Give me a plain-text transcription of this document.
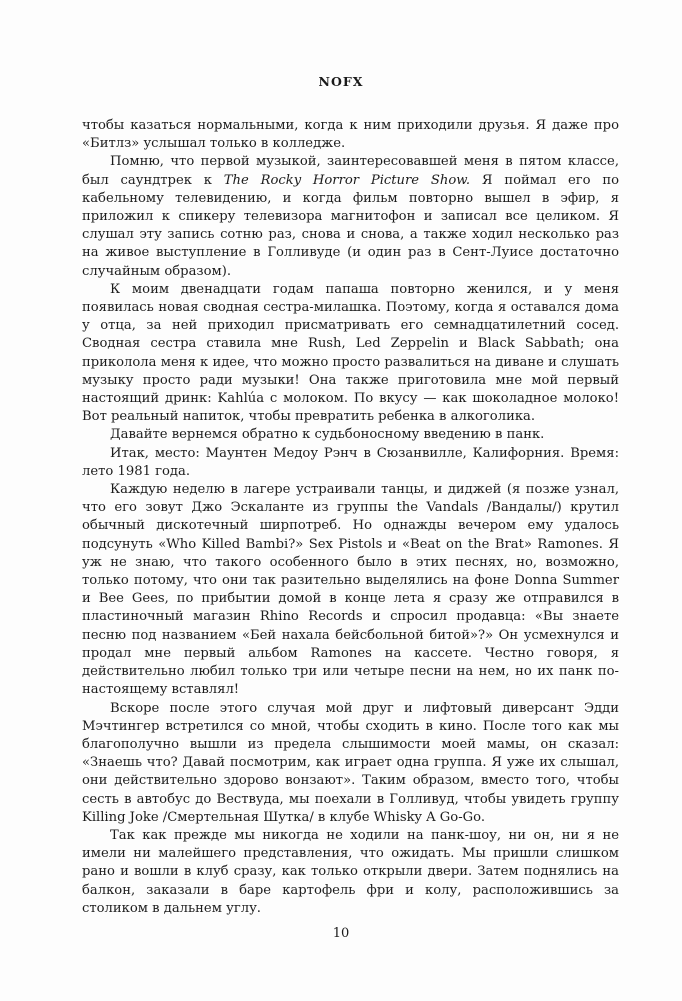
NOFX

чтобы казаться нормальными, когда к ним приходили друзья. Я даже про «Битлз» услышал только в колледже.

Помню, что первой музыкой, заинтересовавшей меня в пятом классе, был саундтрек к The Rocky Horror Picture Show. Я поймал его по кабельному телевидению, и когда фильм повторно вышел в эфир, я приложил к спикеру телевизора магнитофон и записал все целиком. Я слушал эту запись сотню раз, снова и снова, а также ходил несколько раз на живое выступление в Голливуде (и один раз в Сент-Луисе достаточно случайным образом).

К моим двенадцати годам папаша повторно женился, и у меня появилась новая сводная сестра-милашка. Поэтому, когда я оставался дома у отца, за ней приходил присматривать его семнадцатилетний сосед. Сводная сестра ставила мне Rush, Led Zeppelin и Black Sabbath; она приколола меня к идее, что можно просто развалиться на диване и слушать музыку просто ради музыки! Она также приготовила мне мой первый настоящий дринк: Kahlúa с молоком. По вкусу — как шоколадное молоко! Вот реальный напиток, чтобы превратить ребенка в алкоголика.

Давайте вернемся обратно к судьбоносному введению в панк.

Итак, место: Маунтен Медоу Рэнч в Сюзанвилле, Калифорния. Время: лето 1981 года.

Каждую неделю в лагере устраивали танцы, и диджей (я позже узнал, что его зовут Джо Эскаланте из группы the Vandals /Вандалы/) крутил обычный дискотечный ширпотреб. Но однажды вечером ему удалось подсунуть «Who Killed Bambi?» Sex Pistols и «Beat on the Brat» Ramones. Я уж не знаю, что такого особенного было в этих песнях, но, возможно, только потому, что они так разительно выделялись на фоне Donna Summer и Bee Gees, по прибытии домой в конце лета я сразу же отправился в пластиночный магазин Rhino Records и спросил продавца: «Вы знаете песню под названием «Бей нахала бейсбольной битой»?» Он усмехнулся и продал мне первый альбом Ramones на кассете. Честно говоря, я действительно любил только три или четыре песни на нем, но их панк по-настоящему вставлял!

Вскоре после этого случая мой друг и лифтовый диверсант Эдди Мэчтингер встретился со мной, чтобы сходить в кино. После того как мы благополучно вышли из предела слышимости моей мамы, он сказал: «Знаешь что? Давай посмотрим, как играет одна группа. Я уже их слышал, они действительно здорово вонзают». Таким образом, вместо того, чтобы сесть в автобус до Вествуда, мы поехали в Голливуд, чтобы увидеть группу Killing Joke /Смертельная Шутка/ в клубе Whisky A Go-Go.

Так как прежде мы никогда не ходили на панк-шоу, ни он, ни я не имели ни малейшего представления, что ожидать. Мы пришли слишком рано и вошли в клуб сразу, как только открыли двери. Затем поднялись на балкон, заказали в баре картофель фри и колу, расположившись за столиком в дальнем углу.

10
